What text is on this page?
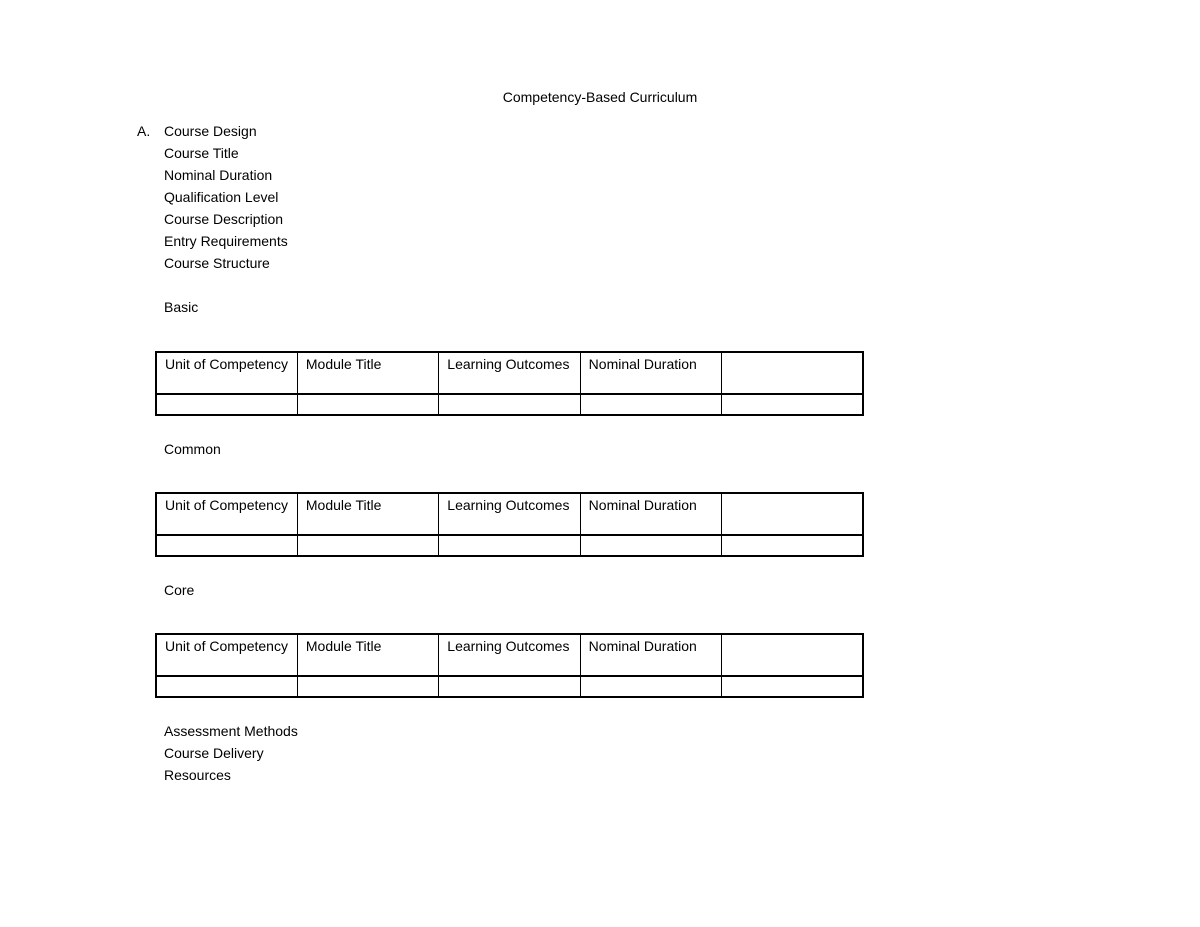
Competency-Based Curriculum
A. Course Design
Course Title
Nominal Duration
Qualification Level
Course Description
Entry Requirements
Course Structure
Basic
Unit of Competency	Module Title	Learning Outcomes	Nominal Duration	

Common
Unit of Competency	Module Title	Learning Outcomes	Nominal Duration	

Core
Unit of Competency	Module Title	Learning Outcomes	Nominal Duration	

Assessment Methods
Course Delivery
Resources
